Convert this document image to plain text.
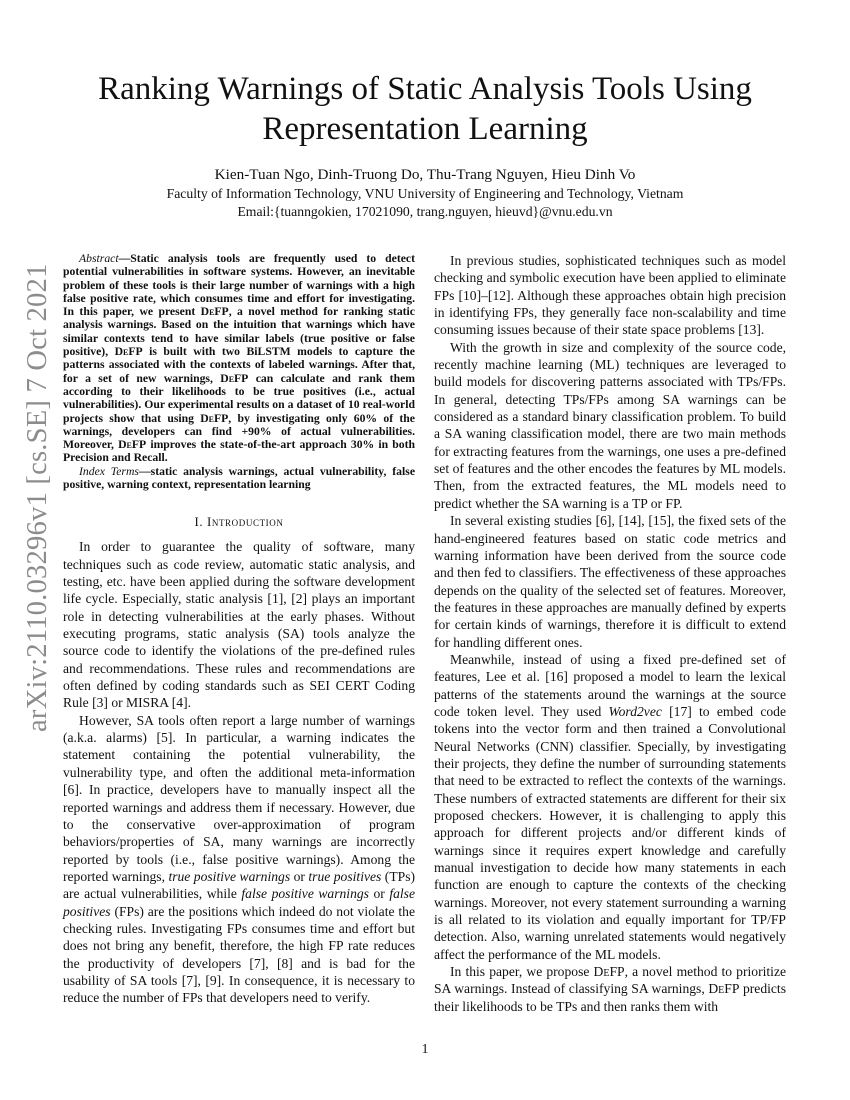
arXiv:2110.03296v1 [cs.SE] 7 Oct 2021
Ranking Warnings of Static Analysis Tools Using Representation Learning
Kien-Tuan Ngo, Dinh-Truong Do, Thu-Trang Nguyen, Hieu Dinh Vo
Faculty of Information Technology, VNU University of Engineering and Technology, Vietnam
Email:{tuanngokien, 17021090, trang.nguyen, hieuvd}@vnu.edu.vn

Abstract—Static analysis tools are frequently used to detect potential vulnerabilities in software systems. However, an inevitable problem of these tools is their large number of warnings with a high false positive rate, which consumes time and effort for investigating. In this paper, we present DeFP, a novel method for ranking static analysis warnings. Based on the intuition that warnings which have similar contexts tend to have similar labels (true positive or false positive), DeFP is built with two BiLSTM models to capture the patterns associated with the contexts of labeled warnings. After that, for a set of new warnings, DeFP can calculate and rank them according to their likelihoods to be true positives (i.e., actual vulnerabilities). Our experimental results on a dataset of 10 real-world projects show that using DeFP, by investigating only 60% of the warnings, developers can find +90% of actual vulnerabilities. Moreover, DeFP improves the state-of-the-art approach 30% in both Precision and Recall.

Index Terms—static analysis warnings, actual vulnerability, false positive, warning context, representation learning

I. Introduction

In order to guarantee the quality of software, many techniques such as code review, automatic static analysis, and testing, etc. have been applied during the software development life cycle. Especially, static analysis [1], [2] plays an important role in detecting vulnerabilities at the early phases. Without executing programs, static analysis (SA) tools analyze the source code to identify the violations of the pre-defined rules and recommendations. These rules and recommendations are often defined by coding standards such as SEI CERT Coding Rule [3] or MISRA [4].

However, SA tools often report a large number of warnings (a.k.a. alarms) [5]. In particular, a warning indicates the statement containing the potential vulnerability, the vulnerability type, and often the additional meta-information [6]. In practice, developers have to manually inspect all the reported warnings and address them if necessary. However, due to the conservative over-approximation of program behaviors/properties of SA, many warnings are incorrectly reported by tools (i.e., false positive warnings). Among the reported warnings, true positive warnings or true positives (TPs) are actual vulnerabilities, while false positive warnings or false positives (FPs) are the positions which indeed do not violate the checking rules. Investigating FPs consumes time and effort but does not bring any benefit, therefore, the high FP rate reduces the productivity of developers [7], [8] and is bad for the usability of SA tools [7], [9]. In consequence, it is necessary to reduce the number of FPs that developers need to verify.

In previous studies, sophisticated techniques such as model checking and symbolic execution have been applied to eliminate FPs [10]–[12]. Although these approaches obtain high precision in identifying FPs, they generally face non-scalability and time consuming issues because of their state space problems [13].

With the growth in size and complexity of the source code, recently machine learning (ML) techniques are leveraged to build models for discovering patterns associated with TPs/FPs. In general, detecting TPs/FPs among SA warnings can be considered as a standard binary classification problem. To build a SA waning classification model, there are two main methods for extracting features from the warnings, one uses a pre-defined set of features and the other encodes the features by ML models. Then, from the extracted features, the ML models need to predict whether the SA warning is a TP or FP.

In several existing studies [6], [14], [15], the fixed sets of the hand-engineered features based on static code metrics and warning information have been derived from the source code and then fed to classifiers. The effectiveness of these approaches depends on the quality of the selected set of features. Moreover, the features in these approaches are manually defined by experts for certain kinds of warnings, therefore it is difficult to extend for handling different ones.

Meanwhile, instead of using a fixed pre-defined set of features, Lee et al. [16] proposed a model to learn the lexical patterns of the statements around the warnings at the source code token level. They used Word2vec [17] to embed code tokens into the vector form and then trained a Convolutional Neural Networks (CNN) classifier. Specially, by investigating their projects, they define the number of surrounding statements that need to be extracted to reflect the contexts of the warnings. These numbers of extracted statements are different for their six proposed checkers. However, it is challenging to apply this approach for different projects and/or different kinds of warnings since it requires expert knowledge and carefully manual investigation to decide how many statements in each function are enough to capture the contexts of the checking warnings. Moreover, not every statement surrounding a warning is all related to its violation and equally important for TP/FP detection. Also, warning unrelated statements would negatively affect the performance of the ML models.

In this paper, we propose DeFP, a novel method to prioritize SA warnings. Instead of classifying SA warnings, DeFP predicts their likelihoods to be TPs and then ranks them with

1
